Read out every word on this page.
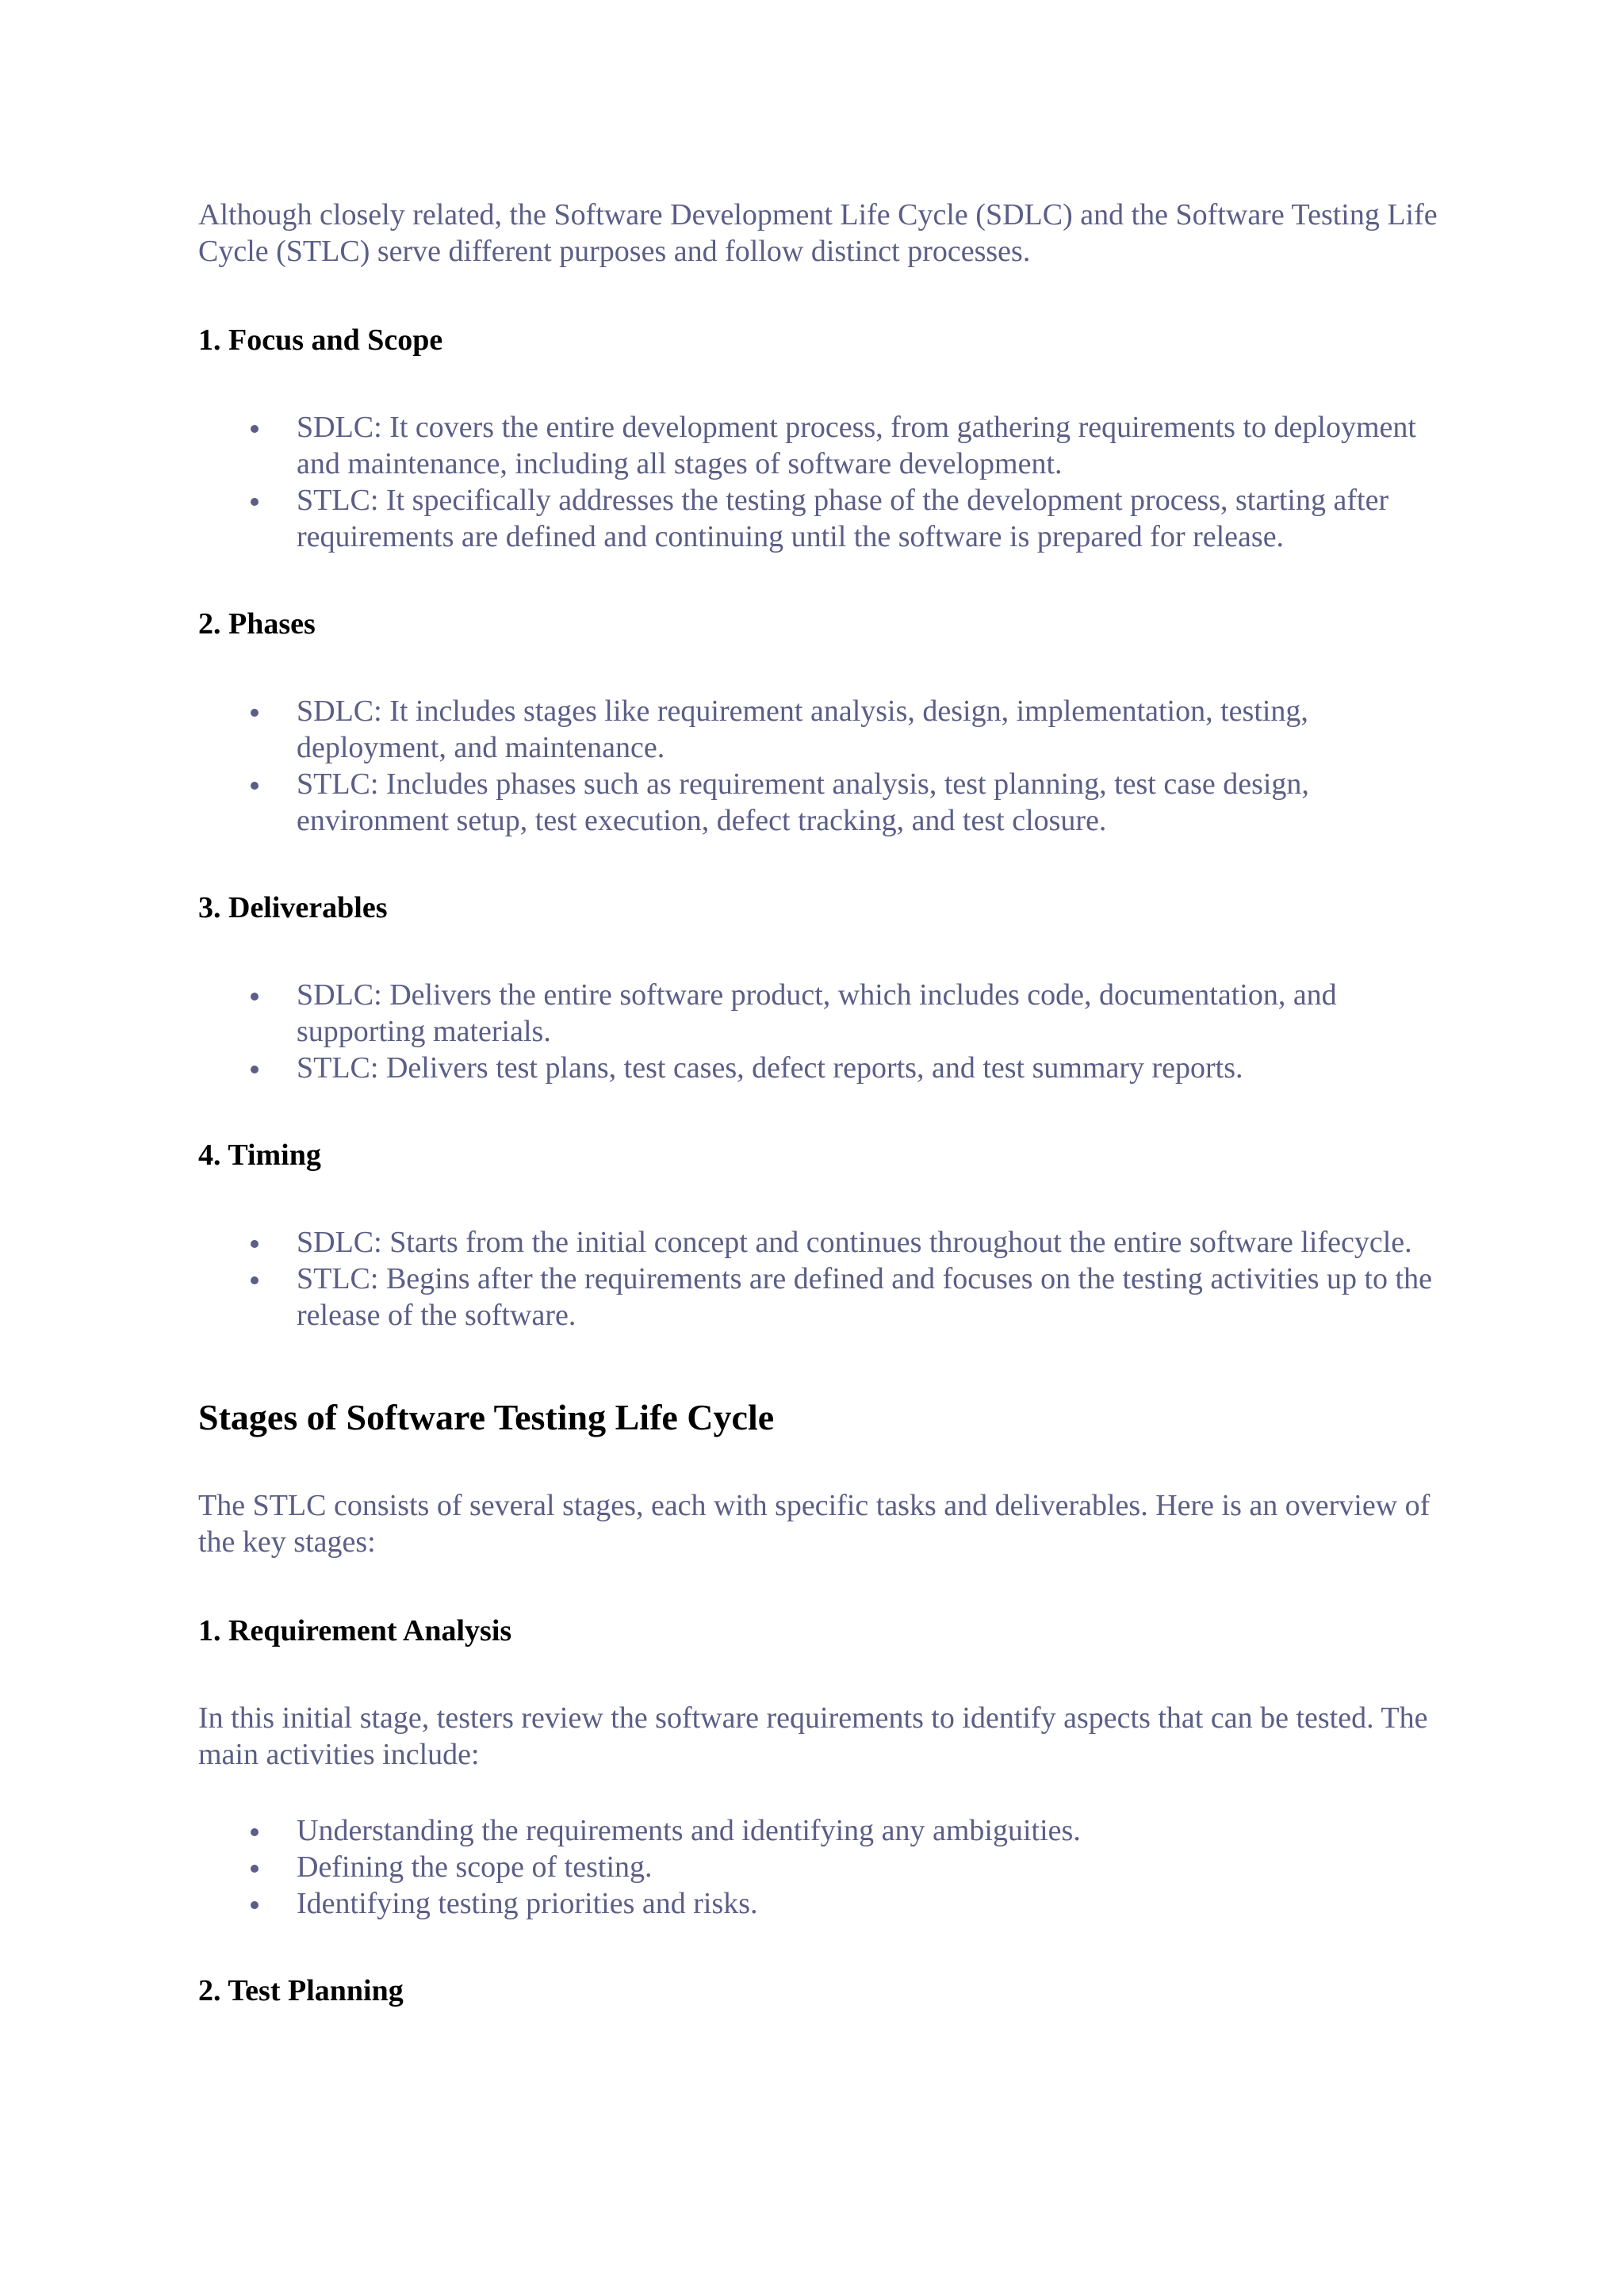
Although closely related, the Software Development Life Cycle (SDLC) and the Software Testing Life Cycle (STLC) serve different purposes and follow distinct processes.

1. Focus and Scope

SDLC: It covers the entire development process, from gathering requirements to deployment and maintenance, including all stages of software development.
STLC: It specifically addresses the testing phase of the development process, starting after requirements are defined and continuing until the software is prepared for release.

2. Phases

SDLC: It includes stages like requirement analysis, design, implementation, testing, deployment, and maintenance.
STLC: Includes phases such as requirement analysis, test planning, test case design, environment setup, test execution, defect tracking, and test closure.

3. Deliverables

SDLC: Delivers the entire software product, which includes code, documentation, and supporting materials.
STLC: Delivers test plans, test cases, defect reports, and test summary reports.

4. Timing

SDLC: Starts from the initial concept and continues throughout the entire software lifecycle.
STLC: Begins after the requirements are defined and focuses on the testing activities up to the release of the software.

Stages of Software Testing Life Cycle

The STLC consists of several stages, each with specific tasks and deliverables. Here is an overview of the key stages:

1. Requirement Analysis

In this initial stage, testers review the software requirements to identify aspects that can be tested. The main activities include:

Understanding the requirements and identifying any ambiguities.
Defining the scope of testing.
Identifying testing priorities and risks.

2. Test Planning
